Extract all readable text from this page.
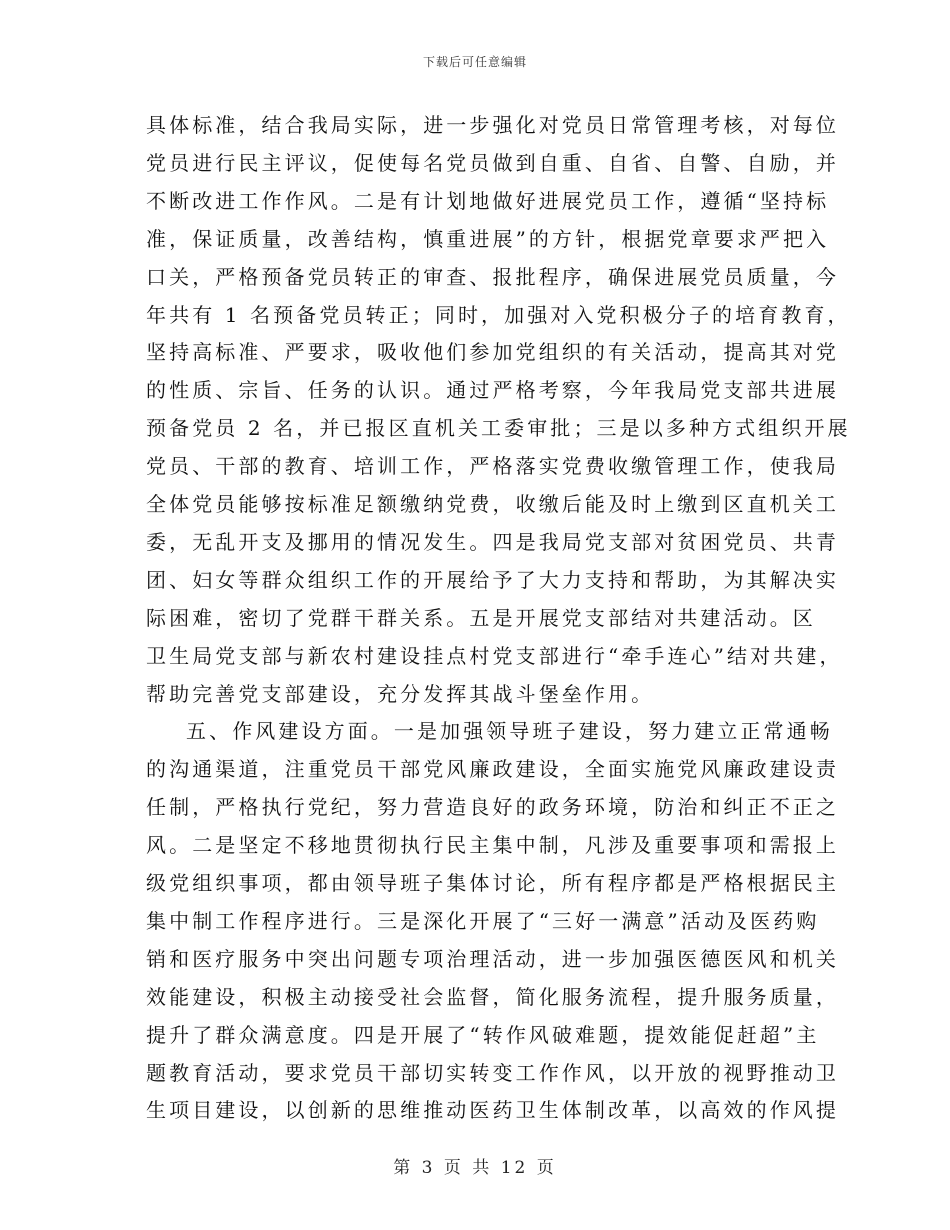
下载后可任意编辑
具体标准，结合我局实际，进一步强化对党员日常管理考核，对每位
党员进行民主评议，促使每名党员做到自重、自省、自警、自励，并
不断改进工作作风。二是有计划地做好进展党员工作，遵循“坚持标
准，保证质量，改善结构，慎重进展”的方针，根据党章要求严把入
口关，严格预备党员转正的审查、报批程序，确保进展党员质量，今
年共有 1 名预备党员转正；同时，加强对入党积极分子的培育教育，
坚持高标准、严要求，吸收他们参加党组织的有关活动，提高其对党
的性质、宗旨、任务的认识。通过严格考察，今年我局党支部共进展
预备党员 2 名，并已报区直机关工委审批；三是以多种方式组织开展
党员、干部的教育、培训工作，严格落实党费收缴管理工作，使我局
全体党员能够按标准足额缴纳党费，收缴后能及时上缴到区直机关工
委，无乱开支及挪用的情况发生。四是我局党支部对贫困党员、共青
团、妇女等群众组织工作的开展给予了大力支持和帮助，为其解决实
际困难，密切了党群干群关系。五是开展党支部结对共建活动。区
卫生局党支部与新农村建设挂点村党支部进行“牵手连心”结对共建，
帮助完善党支部建设，充分发挥其战斗堡垒作用。
五、作风建设方面。一是加强领导班子建设，努力建立正常通畅
的沟通渠道，注重党员干部党风廉政建设，全面实施党风廉政建设责
任制，严格执行党纪，努力营造良好的政务环境，防治和纠正不正之
风。二是坚定不移地贯彻执行民主集中制，凡涉及重要事项和需报上
级党组织事项，都由领导班子集体讨论，所有程序都是严格根据民主
集中制工作程序进行。三是深化开展了“三好一满意”活动及医药购
销和医疗服务中突出问题专项治理活动，进一步加强医德医风和机关
效能建设，积极主动接受社会监督，简化服务流程，提升服务质量，
提升了群众满意度。四是开展了“转作风破难题，提效能促赶超”主
题教育活动，要求党员干部切实转变工作作风，以开放的视野推动卫
生项目建设，以创新的思维推动医药卫生体制改革，以高效的作风提
第 3 页 共 12 页
